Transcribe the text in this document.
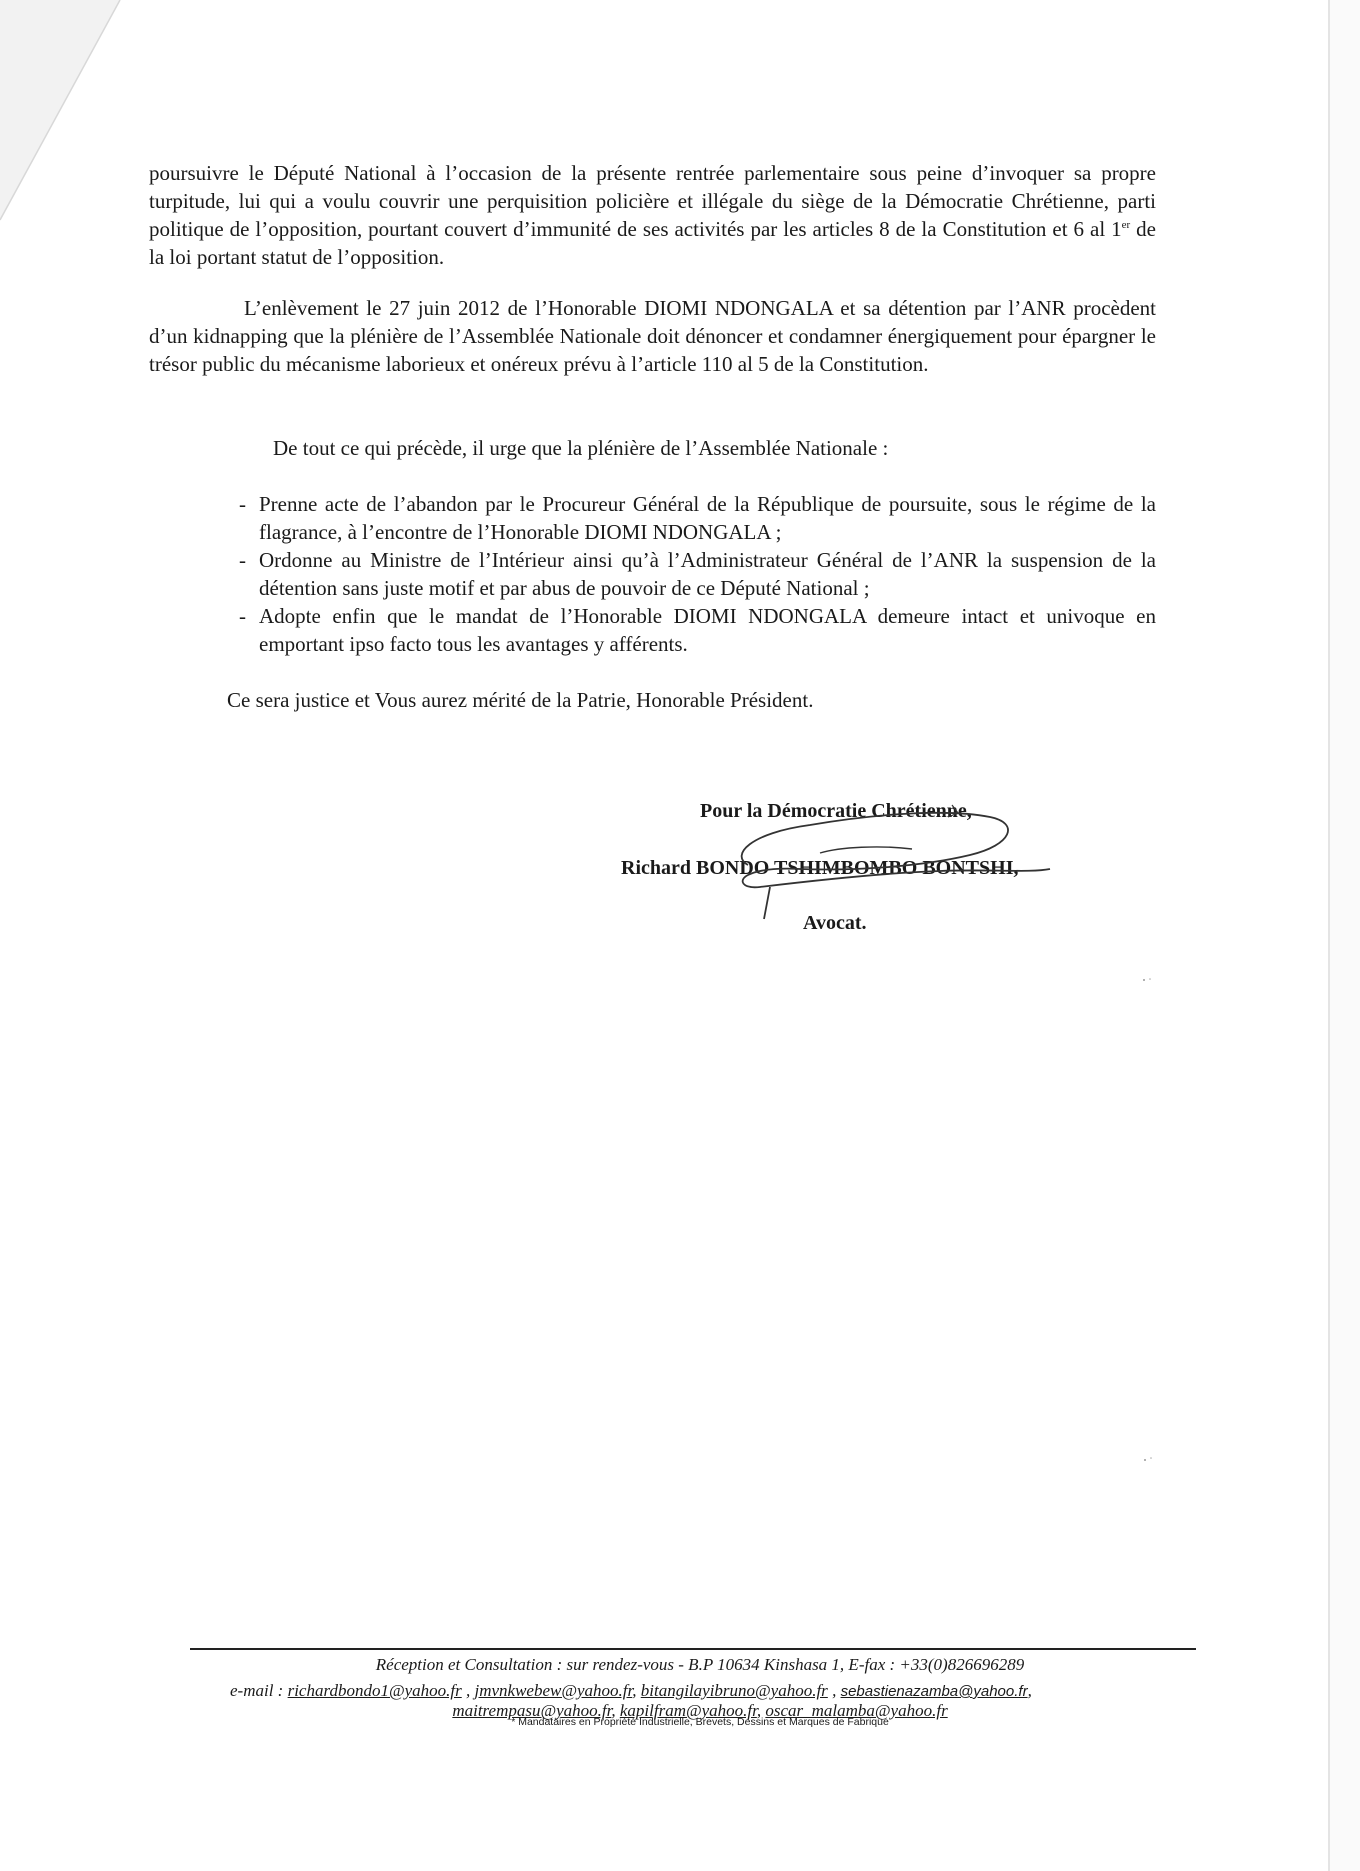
poursuivre le Député National à l’occasion de la présente rentrée parlementaire sous peine d’invoquer sa propre turpitude, lui qui a voulu couvrir une perquisition policière et illégale du siège de la Démocratie Chrétienne, parti politique de l’opposition, pourtant couvert d’immunité de ses activités par les articles 8 de la Constitution et 6 al 1er de la loi portant statut de l’opposition.
L’enlèvement le 27 juin 2012 de l’Honorable DIOMI NDONGALA et sa détention par l’ANR procèdent d’un kidnapping que la plénière de l’Assemblée Nationale doit dénoncer et condamner énergiquement pour épargner le trésor public du mécanisme laborieux et onéreux prévu à l’article 110 al 5 de la Constitution.
De tout ce qui précède, il urge que la plénière de l’Assemblée Nationale :
- Prenne acte de l’abandon par le Procureur Général de la République de poursuite, sous le régime de la flagrance, à l’encontre de l’Honorable DIOMI NDONGALA ;
- Ordonne au Ministre de l’Intérieur ainsi qu’à l’Administrateur Général de l’ANR la suspension de la détention sans juste motif et par abus de pouvoir de ce Député National ;
- Adopte enfin que le mandat de l’Honorable DIOMI NDONGALA demeure intact et univoque en emportant ipso facto tous les avantages y afférents.
Ce sera justice et Vous aurez mérité de la Patrie, Honorable Président.
Pour la Démocratie Chrétienne,
Richard BONDO TSHIMBOMBO BONTSHI,
Avocat.
Réception et Consultation : sur rendez-vous - B.P 10634 Kinshasa 1, E-fax : +33(0)826696289
e-mail : richardbondo1@yahoo.fr , jmvnkwebew@yahoo.fr, bitangilayibruno@yahoo.fr , sebastienazamba@yahoo.fr,
maitrempasu@yahoo.fr, kapilfram@yahoo.fr, oscar_malamba@yahoo.fr
* Mandataires en Propriété Industrielle, Brevets, Dessins et Marques de Fabrique
